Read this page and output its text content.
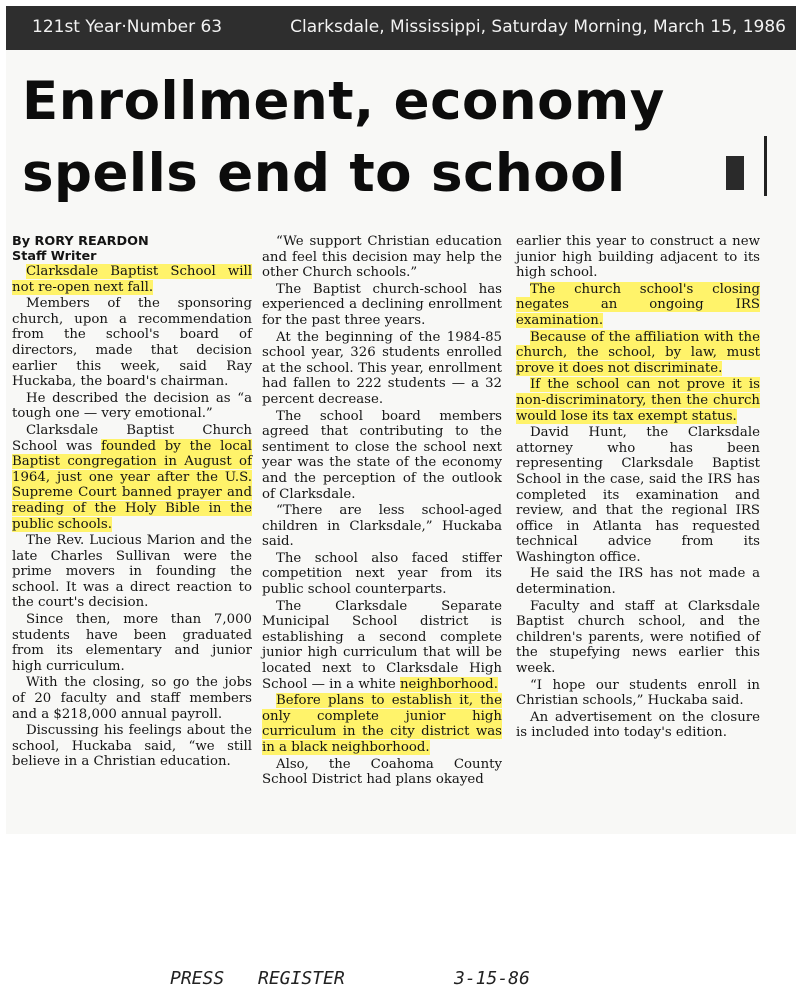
121st Year·Number 63	Clarksdale, Mississippi, Saturday Morning, March 15, 1986
Enrollment, economy
spells end to school
By RORY REARDON
Staff Writer

Clarksdale Baptist School will not re-open next fall.

Members of the sponsoring church, upon a recommendation from the school's board of directors, made that decision earlier this week, said Ray Huckaba, the board's chairman.

He described the decision as “a tough one — very emotional.”

Clarksdale Baptist Church School was founded by the local Baptist congregation in August of 1964, just one year after the U.S. Supreme Court banned prayer and reading of the Holy Bible in the public schools.

The Rev. Lucious Marion and the late Charles Sullivan were the prime movers in founding the school. It was a direct reaction to the court's decision.

Since then, more than 7,000 students have been graduated from its elementary and junior high curriculum.

With the closing, so go the jobs of 20 faculty and staff members and a $218,000 annual payroll.

Discussing his feelings about the school, Huckaba said, “we still believe in a Christian education.

“We support Christian education and feel this decision may help the other Church schools.”

The Baptist church-school has experienced a declining enrollment for the past three years.

At the beginning of the 1984-85 school year, 326 students enrolled at the school. This year, enrollment had fallen to 222 students — a 32 percent decrease.

The school board members agreed that contributing to the sentiment to close the school next year was the state of the economy and the perception of the outlook of Clarksdale.

“There are less school-aged children in Clarksdale,” Huckaba said.

The school also faced stiffer competition next year from its public school counterparts.

The Clarksdale Separate Municipal School district is establishing a second complete junior high curriculum that will be located next to Clarksdale High School — in a white neighborhood.

Before plans to establish it, the only complete junior high curriculum in the city district was in a black neighborhood.

Also, the Coahoma County School District had plans okayed

earlier this year to construct a new junior high building adjacent to its high school.

The church school's closing negates an ongoing IRS examination.

Because of the affiliation with the church, the school, by law, must prove it does not discriminate.

If the school can not prove it is non-discriminatory, then the church would lose its tax exempt status.

David Hunt, the Clarksdale attorney who has been representing Clarksdale Baptist School in the case, said the IRS has completed its examination and review, and that the regional IRS office in Atlanta has requested technical advice from its Washington office.

He said the IRS has not made a determination.

Faculty and staff at Clarksdale Baptist church school, and the children's parents, were notified of the stupefying news earlier this week.

“I hope our students enroll in Christian schools,” Huckaba said.

An advertisement on the closure is included into today's edition.

PRESS REGISTER	3-15-86
